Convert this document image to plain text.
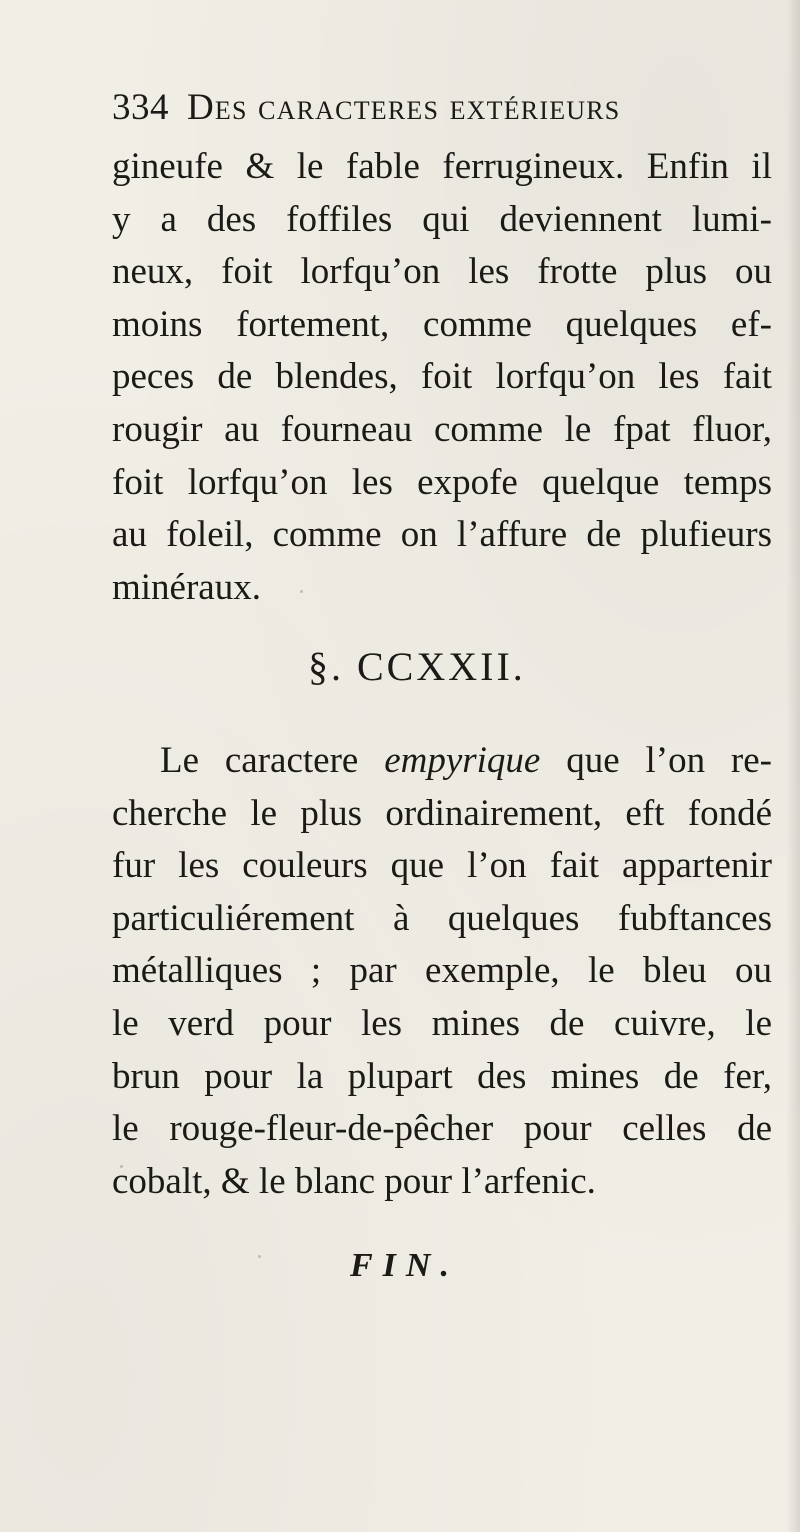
334 Des caracteres extérieurs
gineufe & le fable ferrugineux. Enfin il
y a des foffiles qui deviennent lumi-
neux, foit lorfqu’on les frotte plus ou
moins fortement, comme quelques ef-
peces de blendes, foit lorfqu’on les fait
rougir au fourneau comme le fpat fluor,
foit lorfqu’on les expofe quelque temps
au foleil, comme on l’affure de plufieurs
minéraux.
§. CCXXII.
Le caractere empyrique que l’on re-
cherche le plus ordinairement, eft fondé
fur les couleurs que l’on fait appartenir
particuliérement à quelques fubftances
métalliques ; par exemple, le bleu ou
le verd pour les mines de cuivre, le
brun pour la plupart des mines de fer,
le rouge-fleur-de-pêcher pour celles de
cobalt, & le blanc pour l’arfenic.
FIN.
